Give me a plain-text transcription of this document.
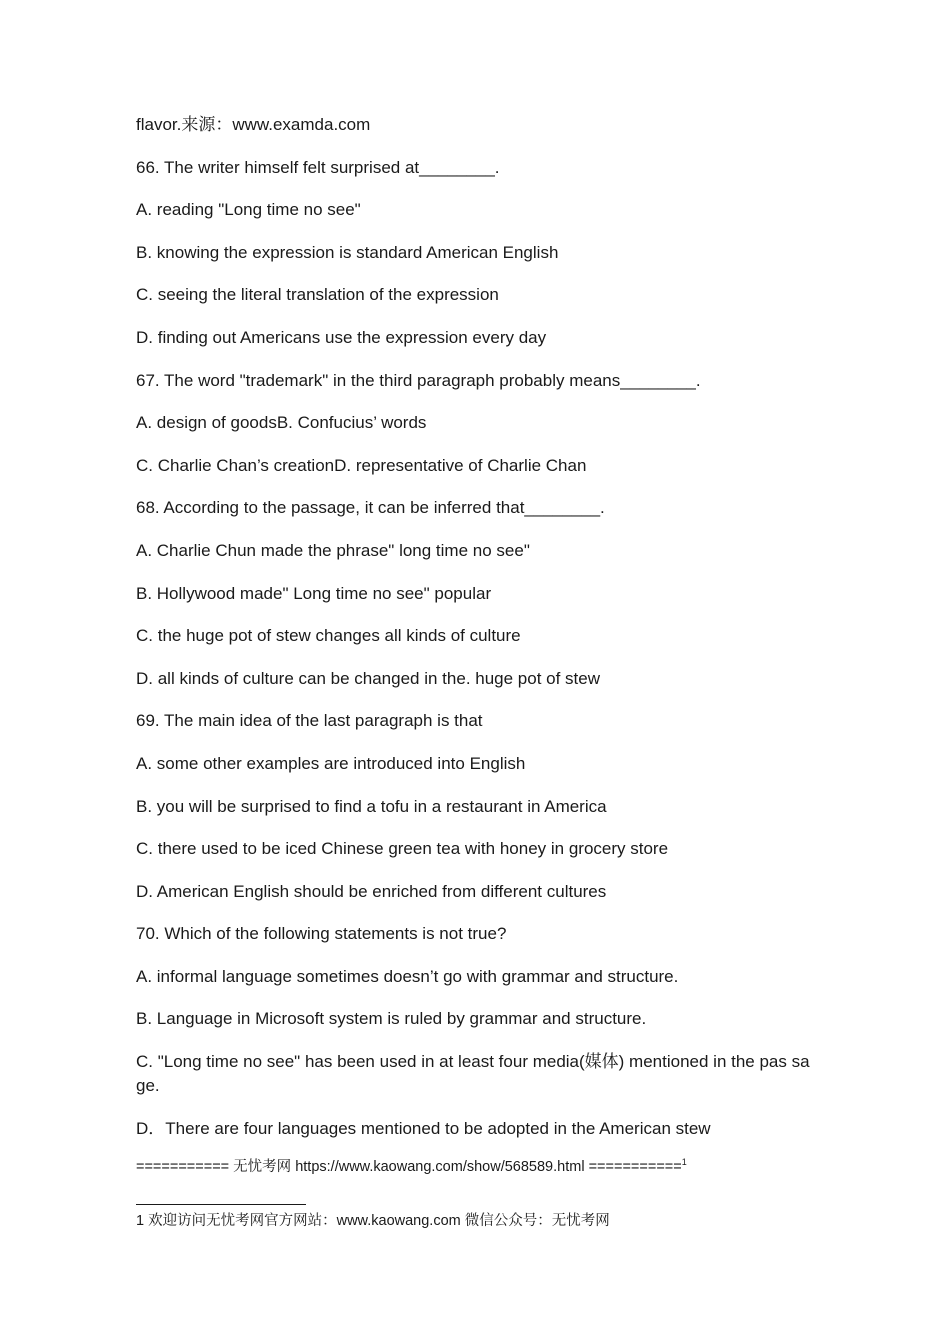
flavor.来源：www.examda.com

66. The writer himself felt surprised at________.

A. reading "Long time no see"

B. knowing the expression is standard American English

C. seeing the literal translation of the expression

D. finding out Americans use the expression every day

67. The word "trademark" in the third paragraph probably means________.

A. design of goodsB. Confucius’ words

C. Charlie Chan’s creationD. representative of Charlie Chan

68. According to the passage, it can be inferred that________.

A. Charlie Chun made the phrase" long time no see"

B. Hollywood made" Long time no see" popular

C. the huge pot of stew changes all kinds of culture

D. all kinds of culture can be changed in the. huge pot of stew

69. The main idea of the last paragraph is that

A. some other examples are introduced into English

B. you will be surprised to find a tofu in a restaurant in America

C. there used to be iced Chinese green tea with honey in grocery store

D. American English should be enriched from different cultures

70. Which of the following statements is not true?

A. informal language sometimes doesn’t go with grammar and structure.

B. Language in Microsoft system is ruled by grammar and structure.

C. "Long time no see" has been used in at least four media(媒体) mentioned in the pas sage.

D．There are four languages mentioned to be adopted in the American stew

=========== 无忧考网 https://www.kaowang.com/show/568589.html ===========$^1$
1 欢迎访问无忧考网官方网站：www.kaowang.com 微信公众号：无忧考网
